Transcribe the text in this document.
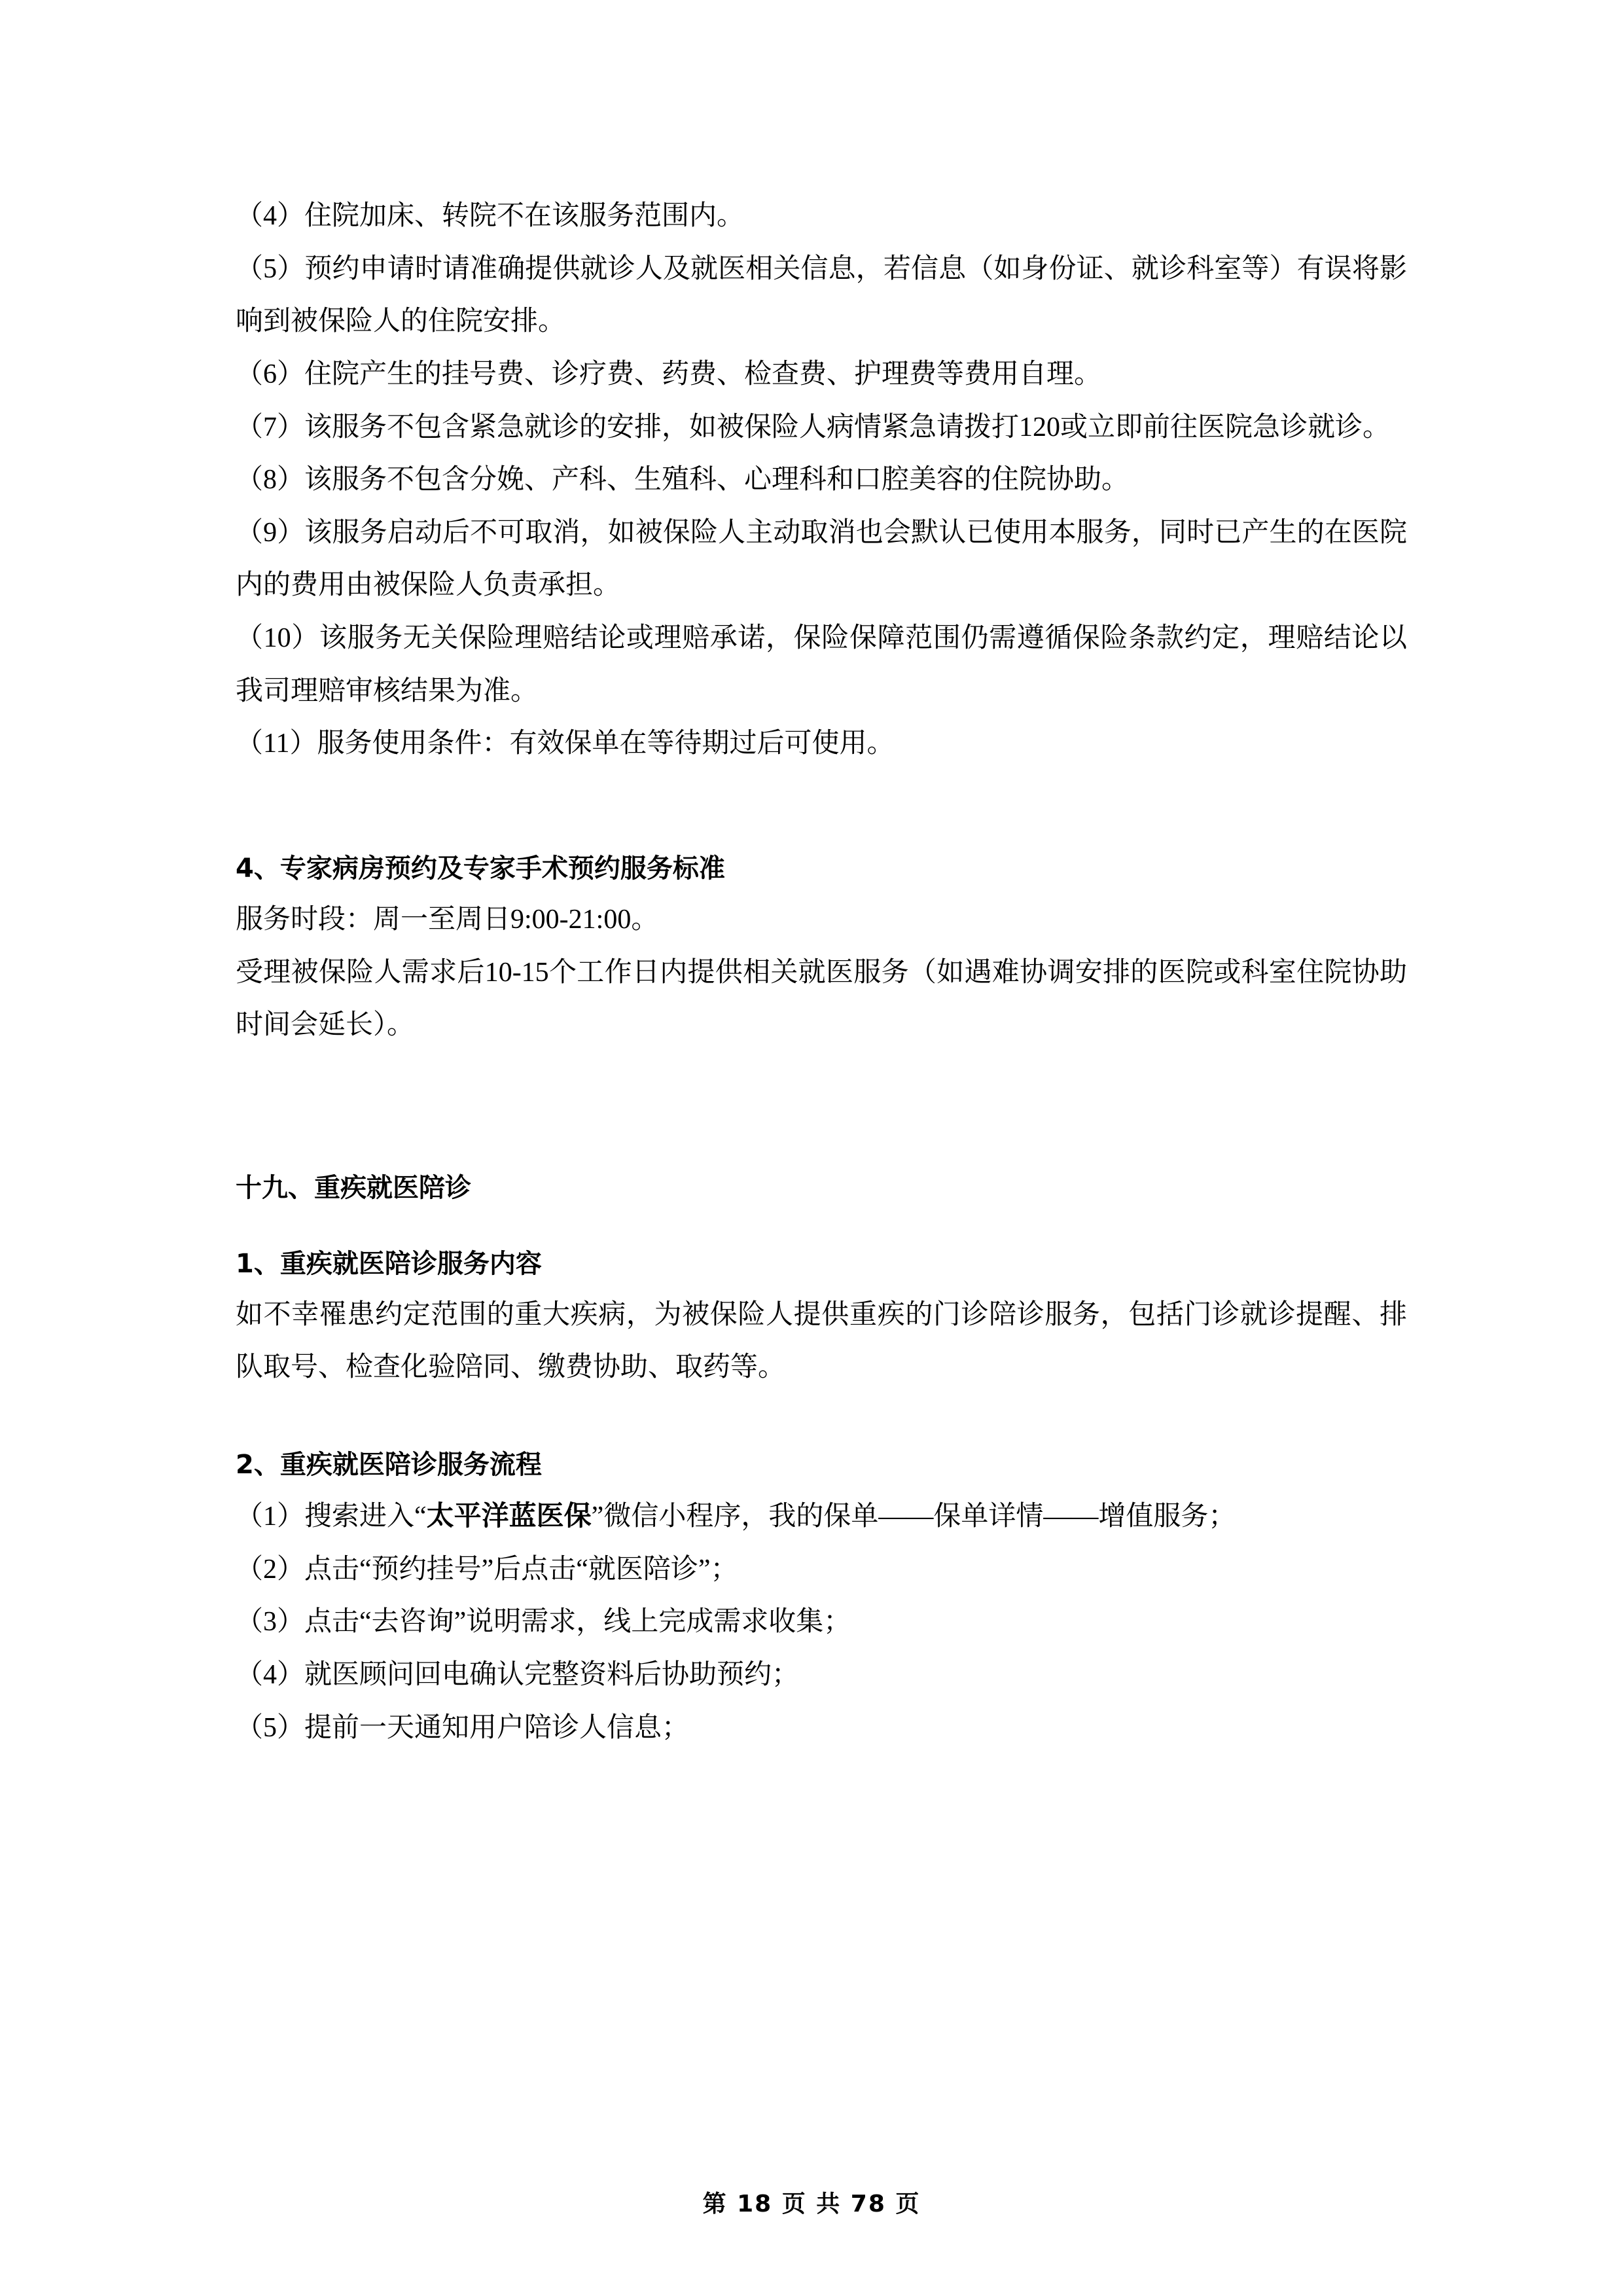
（4）住院加床、转院不在该服务范围内。

（5）预约申请时请准确提供就诊人及就医相关信息，若信息（如身份证、就诊科室等）有误将影响到被保险人的住院安排。

（6）住院产生的挂号费、诊疗费、药费、检查费、护理费等费用自理。

（7）该服务不包含紧急就诊的安排，如被保险人病情紧急请拨打120或立即前往医院急诊就诊。

（8）该服务不包含分娩、产科、生殖科、心理科和口腔美容的住院协助。

（9）该服务启动后不可取消，如被保险人主动取消也会默认已使用本服务，同时已产生的在医院内的费用由被保险人负责承担。

（10）该服务无关保险理赔结论或理赔承诺，保险保障范围仍需遵循保险条款约定，理赔结论以我司理赔审核结果为准。

（11）服务使用条件：有效保单在等待期过后可使用。

4、专家病房预约及专家手术预约服务标准

服务时段：周一至周日9:00-21:00。

受理被保险人需求后10-15个工作日内提供相关就医服务（如遇难协调安排的医院或科室住院协助时间会延长）。

十九、重疾就医陪诊

1、重疾就医陪诊服务内容

如不幸罹患约定范围的重大疾病，为被保险人提供重疾的门诊陪诊服务，包括门诊就诊提醒、排队取号、检查化验陪同、缴费协助、取药等。

2、重疾就医陪诊服务流程

（1）搜索进入“太平洋蓝医保”微信小程序，我的保单——保单详情——增值服务；

（2）点击“预约挂号”后点击“就医陪诊”；

（3）点击“去咨询”说明需求，线上完成需求收集；

（4）就医顾问回电确认完整资料后协助预约；

（5）提前一天通知用户陪诊人信息；

第 18 页 共 78 页
